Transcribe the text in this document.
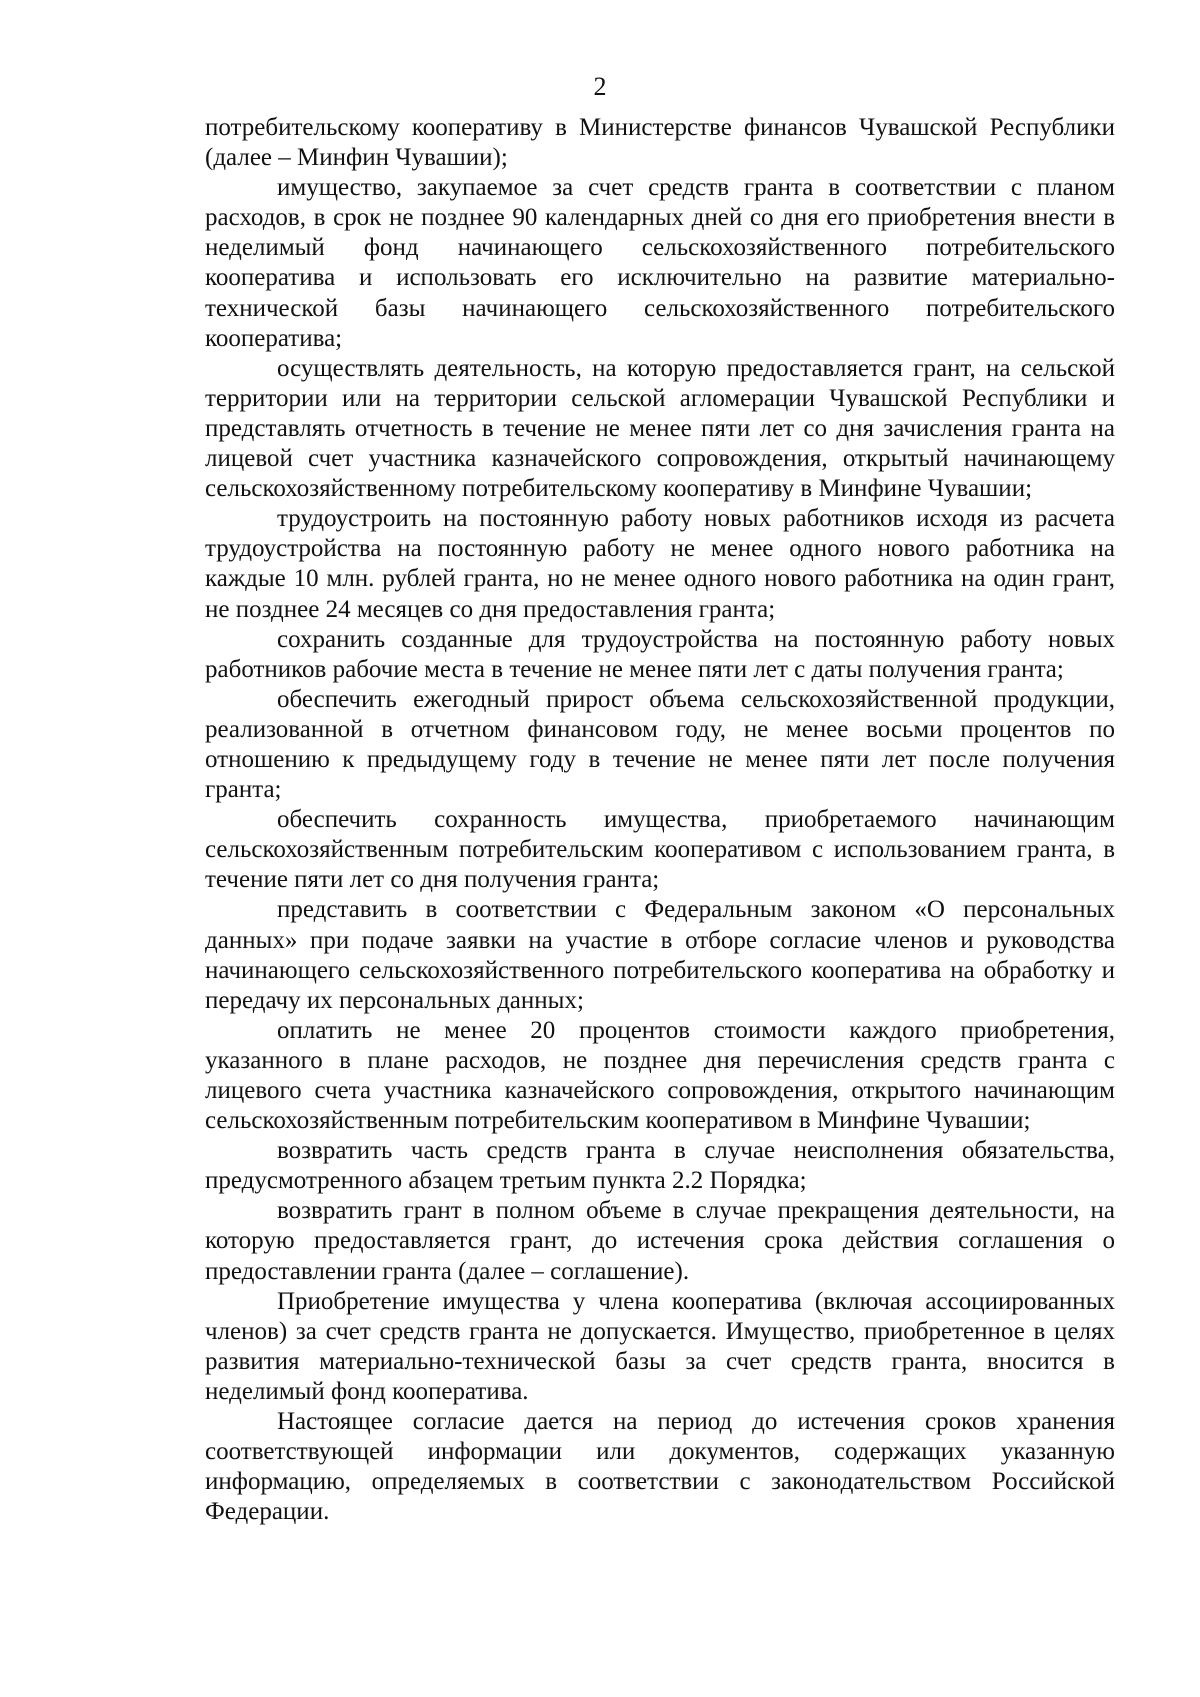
2

потребительскому кооперативу в Министерстве финансов Чувашской Республики (далее – Минфин Чувашии);

имущество, закупаемое за счет средств гранта в соответствии с планом расходов, в срок не позднее 90 календарных дней со дня его приобретения внести в неделимый фонд начинающего сельскохозяйственного потребительского кооператива и использовать его исключительно на развитие материально-технической базы начинающего сельскохозяйственного потребительского кооператива;

осуществлять деятельность, на которую предоставляется грант, на сельской территории или на территории сельской агломерации Чувашской Республики и представлять отчетность в течение не менее пяти лет со дня зачисления гранта на лицевой счет участника казначейского сопровождения, открытый начинающему сельскохозяйственному потребительскому кооперативу в Минфине Чувашии;

трудоустроить на постоянную работу новых работников исходя из расчета трудоустройства на постоянную работу не менее одного нового работника на каждые 10 млн. рублей гранта, но не менее одного нового работника на один грант, не позднее 24 месяцев со дня предоставления гранта;

сохранить созданные для трудоустройства на постоянную работу новых работников рабочие места в течение не менее пяти лет с даты получения гранта;

обеспечить ежегодный прирост объема сельскохозяйственной продукции, реализованной в отчетном финансовом году, не менее восьми процентов по отношению к предыдущему году в течение не менее пяти лет после получения гранта;

обеспечить сохранность имущества, приобретаемого начинающим сельскохозяйственным потребительским кооперативом с использованием гранта, в течение пяти лет со дня получения гранта;

представить в соответствии с Федеральным законом «О персональных данных» при подаче заявки на участие в отборе согласие членов и руководства начинающего сельскохозяйственного потребительского кооператива на обработку и передачу их персональных данных;

оплатить не менее 20 процентов стоимости каждого приобретения, указанного в плане расходов, не позднее дня перечисления средств гранта с лицевого счета участника казначейского сопровождения, открытого начинающим сельскохозяйственным потребительским кооперативом в Минфине Чувашии;

возвратить часть средств гранта в случае неисполнения обязательства, предусмотренного абзацем третьим пункта 2.2 Порядка;

возвратить грант в полном объеме в случае прекращения деятельности, на которую предоставляется грант, до истечения срока действия соглашения о предоставлении гранта (далее – соглашение).

Приобретение имущества у члена кооператива (включая ассоциированных членов) за счет средств гранта не допускается. Имущество, приобретенное в целях развития материально-технической базы за счет средств гранта, вносится в неделимый фонд кооператива.

Настоящее согласие дается на период до истечения сроков хранения соответствующей информации или документов, содержащих указанную информацию, определяемых в соответствии с законодательством Российской Федерации.
